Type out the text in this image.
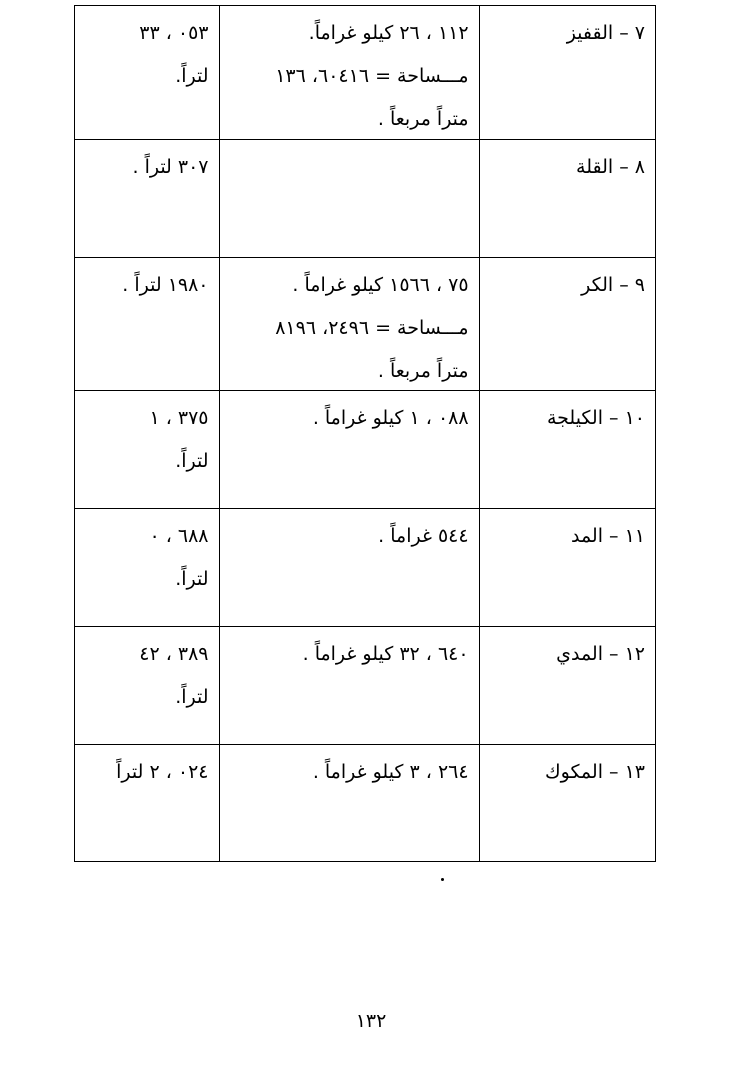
٧ – القفيز
١١٢ ، ٢٦ كيلو غراماً.
مـــساحة = ٦٠٤١٦، ١٣٦
متراً مربعاً .
٠٥٣ ، ٣٣
لتراً.
٨ – القلة
٣٠٧ لتراً .
٩ – الكر
٧٥ ، ١٥٦٦ كيلو غراماً .
مـــساحة = ٢٤٩٦، ٨١٩٦
متراً مربعاً .
١٩٨٠ لتراً .
١٠ – الكيلجة
٠٨٨ ، ١ كيلو غراماً .
٣٧٥ ، ١
لتراً.
١١ – المد
٥٤٤ غراماً .
٦٨٨ ، ٠
لتراً.
١٢ – المدي
٦٤٠ ، ٣٢ كيلو غراماً .
٣٨٩ ، ٤٢
لتراً.
١٣ – المكوك
٢٦٤ ، ٣ كيلو غراماً .
٠٢٤ ، ٢ لتراً
١٣٢
